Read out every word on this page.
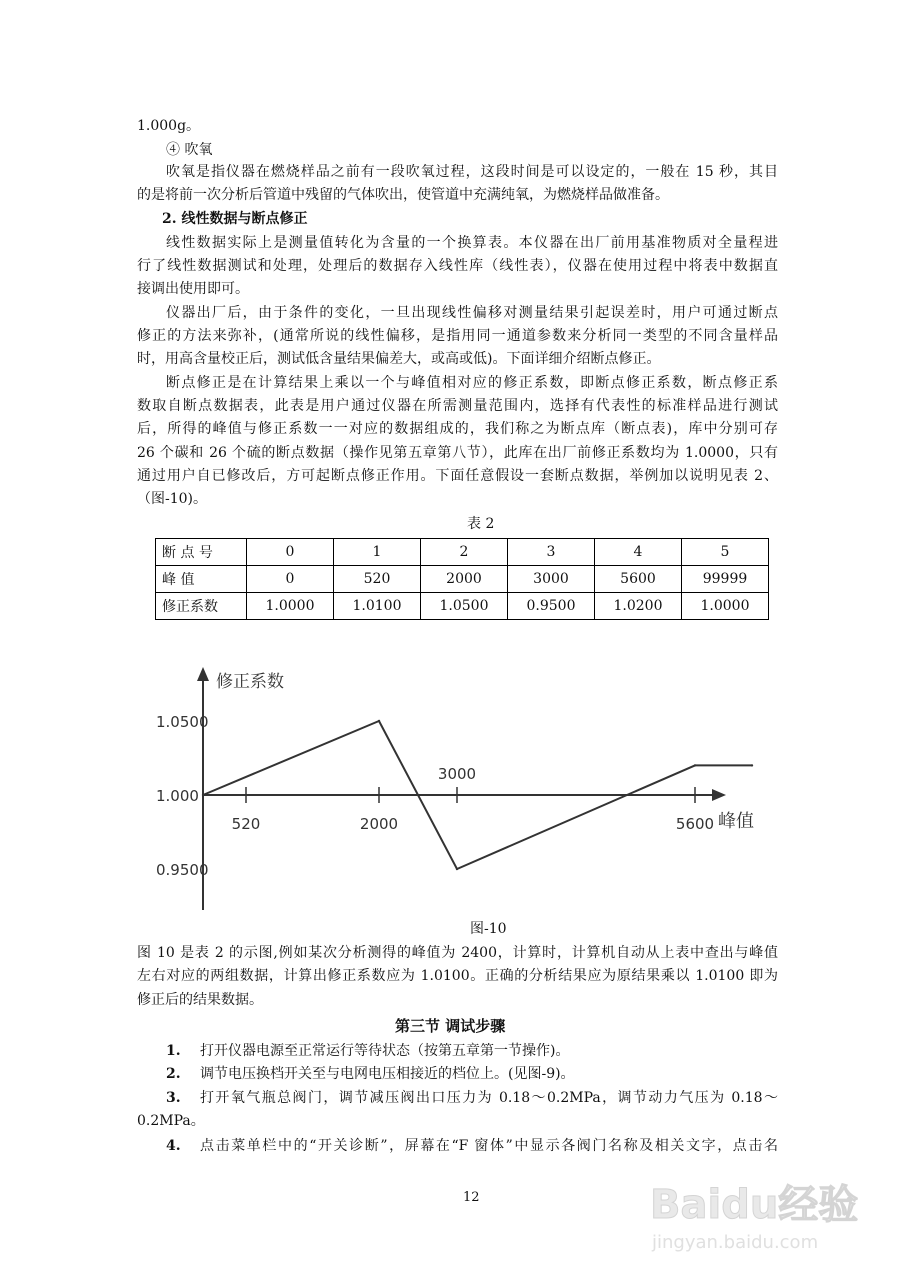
1.000g。
④ 吹氧
吹氧是指仪器在燃烧样品之前有一段吹氧过程，这段时间是可以设定的，一般在 15 秒，其目
的是将前一次分析后管道中残留的气体吹出，使管道中充满纯氧，为燃烧样品做准备。
2. 线性数据与断点修正
线性数据实际上是测量值转化为含量的一个换算表。本仪器在出厂前用基准物质对全量程进
行了线性数据测试和处理，处理后的数据存入线性库（线性表），仪器在使用过程中将表中数据直
接调出使用即可。
仪器出厂后，由于条件的变化，一旦出现线性偏移对测量结果引起误差时，用户可通过断点
修正的方法来弥补，(通常所说的线性偏移，是指用同一通道参数来分析同一类型的不同含量样品
时，用高含量校正后，测试低含量结果偏差大，或高或低)。下面详细介绍断点修正。
断点修正是在计算结果上乘以一个与峰值相对应的修正系数，即断点修正系数，断点修正系
数取自断点数据表，此表是用户通过仪器在所需测量范围内，选择有代表性的标准样品进行测试
后，所得的峰值与修正系数一一对应的数据组成的，我们称之为断点库（断点表)，库中分别可存
26 个碳和 26 个硫的断点数据（操作见第五章第八节），此库在出厂前修正系数均为 1.0000，只有
通过用户自已修改后，方可起断点修正作用。下面任意假设一套断点数据，举例加以说明见表 2、
（图-10)。
表 2
断 点 号	0	1	2	3	4	5
峰 值	0	520	2000	3000	5600	99999
修正系数	1.0000	1.0100	1.0500	0.9500	1.0200	1.0000
修正系数
峰值
1.0500
1.000
0.9500
520	2000
3000
5600
图-10
图 10 是表 2 的示图,例如某次分析测得的峰值为 2400，计算时，计算机自动从上表中查出与峰值
左右对应的两组数据，计算出修正系数应为 1.0100。正确的分析结果应为原结果乘以 1.0100 即为
修正后的结果数据。
第三节 调试步骤
1. 打开仪器电源至正常运行等待状态（按第五章第一节操作)。
2. 调节电压换档开关至与电网电压相接近的档位上。(见图-9)。
3. 打开氧气瓶总阀门，调节减压阀出口压力为 0.18～0.2MPa，调节动力气压为 0.18～
0.2MPa。
4. 点击菜单栏中的“开关诊断”，屏幕在“F 窗体”中显示各阀门名称及相关文字，点击名
12	Baidu经验
jingyan.baidu.com
